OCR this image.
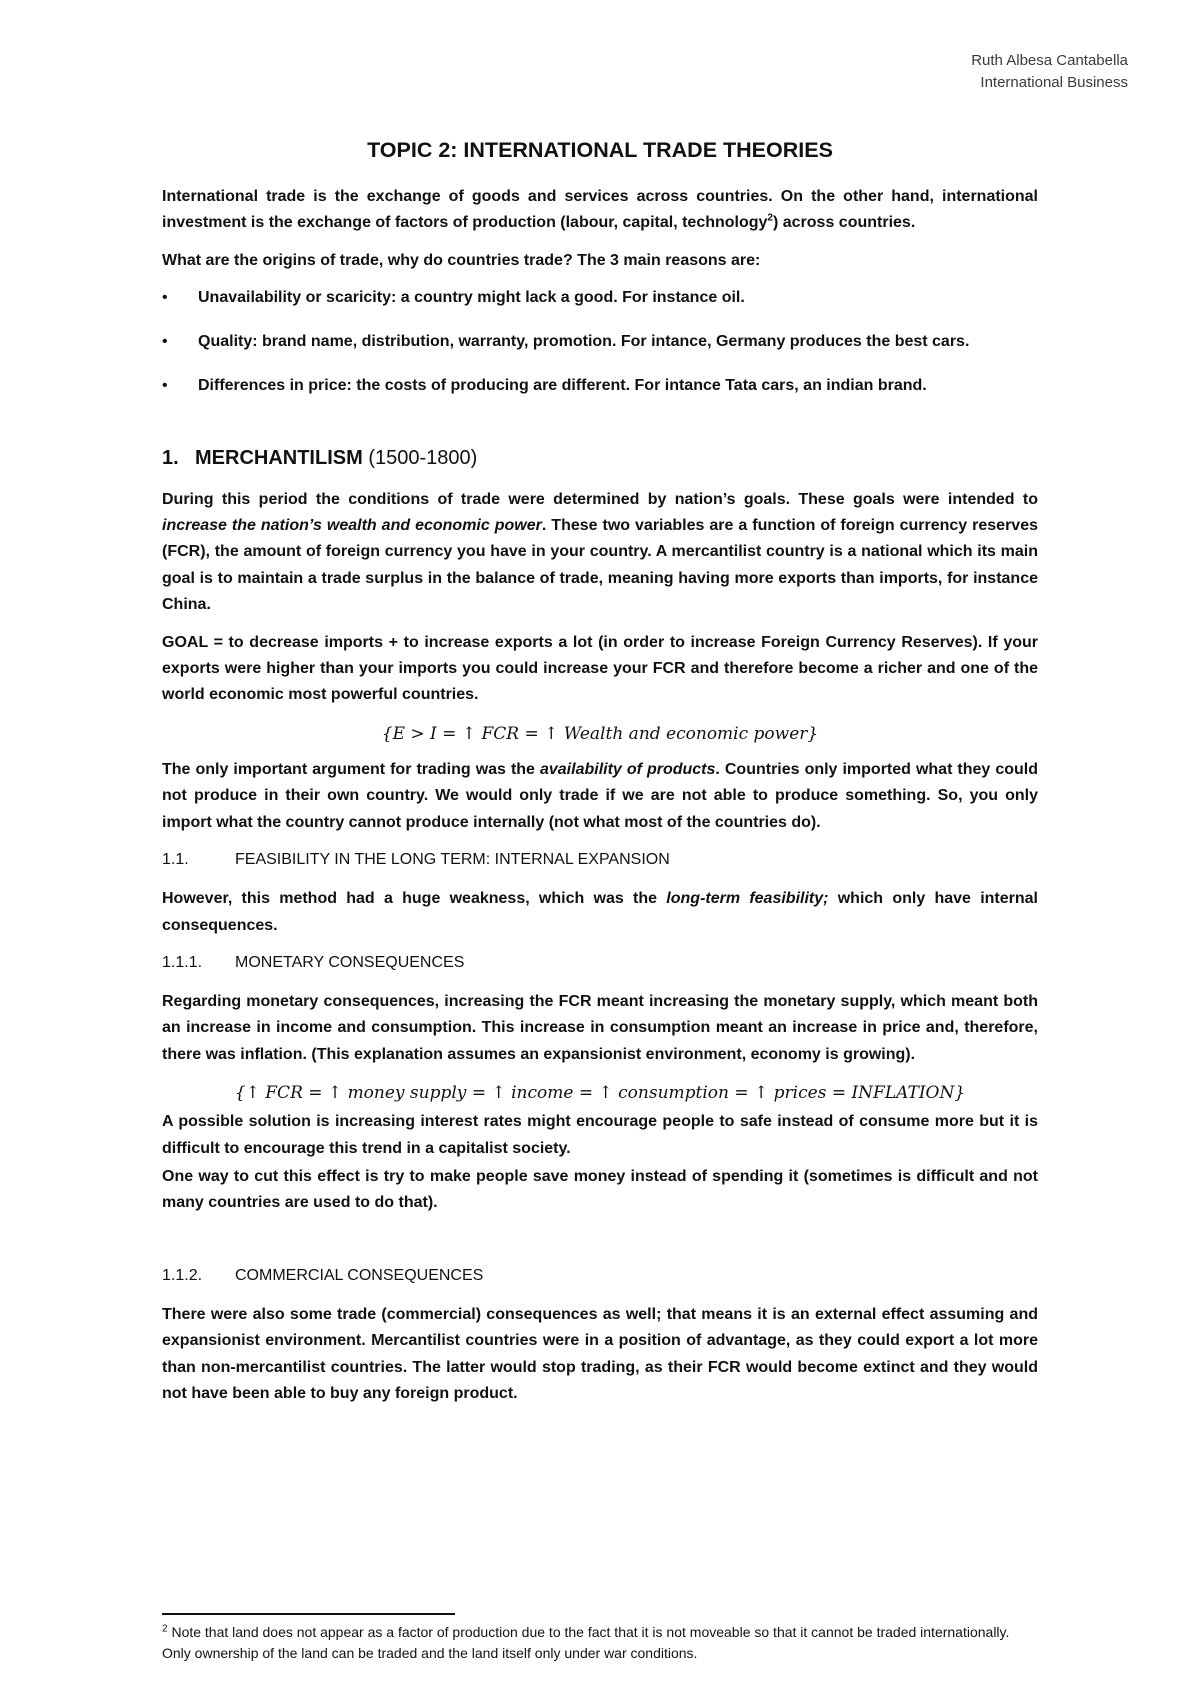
Ruth Albesa Cantabella
International Business
TOPIC 2: INTERNATIONAL TRADE THEORIES

International trade is the exchange of goods and services across countries. On the other hand, international investment is the exchange of factors of production (labour, capital, technology$^2$) across countries.

What are the origins of trade, why do countries trade? The 3 main reasons are:

• Unavailability or scaricity: a country might lack a good. For instance oil.
• Quality: brand name, distribution, warranty, promotion. For intance, Germany produces the best cars.
• Differences in price: the costs of producing are different. For intance Tata cars, an indian brand.
1. MERCHANTILISM (1500-1800)

During this period the conditions of trade were determined by nation’s goals. These goals were intended to increase the nation’s wealth and economic power. These two variables are a function of foreign currency reserves (FCR), the amount of foreign currency you have in your country. A mercantilist country is a national which its main goal is to maintain a trade surplus in the balance of trade, meaning having more exports than imports, for instance China.

GOAL = to decrease imports + to increase exports a lot (in order to increase Foreign Currency Reserves). If your exports were higher than your imports you could increase your FCR and therefore become a richer and one of the world economic most powerful countries.

{E > I = ↑ FCR = ↑ Wealth and economic power}

The only important argument for trading was the availability of products. Countries only imported what they could not produce in their own country. We would only trade if we are not able to produce something. So, you only import what the country cannot produce internally (not what most of the countries do).

1.1.	FEASIBILITY IN THE LONG TERM: INTERNAL EXPANSION

However, this method had a huge weakness, which was the long-term feasibility; which only have internal consequences.

1.1.1. MONETARY CONSEQUENCES

Regarding monetary consequences, increasing the FCR meant increasing the monetary supply, which meant both an increase in income and consumption. This increase in consumption meant an increase in price and, therefore, there was inflation. (This explanation assumes an expansionist environment, economy is growing).

{↑ FCR = ↑ money supply = ↑ income = ↑ consumption = ↑ prices = INFLATION}

A possible solution is increasing interest rates might encourage people to safe instead of consume more but it is difficult to encourage this trend in a capitalist society.

One way to cut this effect is try to make people save money instead of spending it (sometimes is difficult and not many countries are used to do that).

1.1.2. COMMERCIAL CONSEQUENCES

There were also some trade (commercial) consequences as well; that means it is an external effect assuming and expansionist environment. Mercantilist countries were in a position of advantage, as they could export a lot more than non-mercantilist countries. The latter would stop trading, as their FCR would become extinct and they would not have been able to buy any foreign product.

$^2$ Note that land does not appear as a factor of production due to the fact that it is not moveable so that it cannot be traded internationally. Only ownership of the land can be traded and the land itself only under war conditions.
